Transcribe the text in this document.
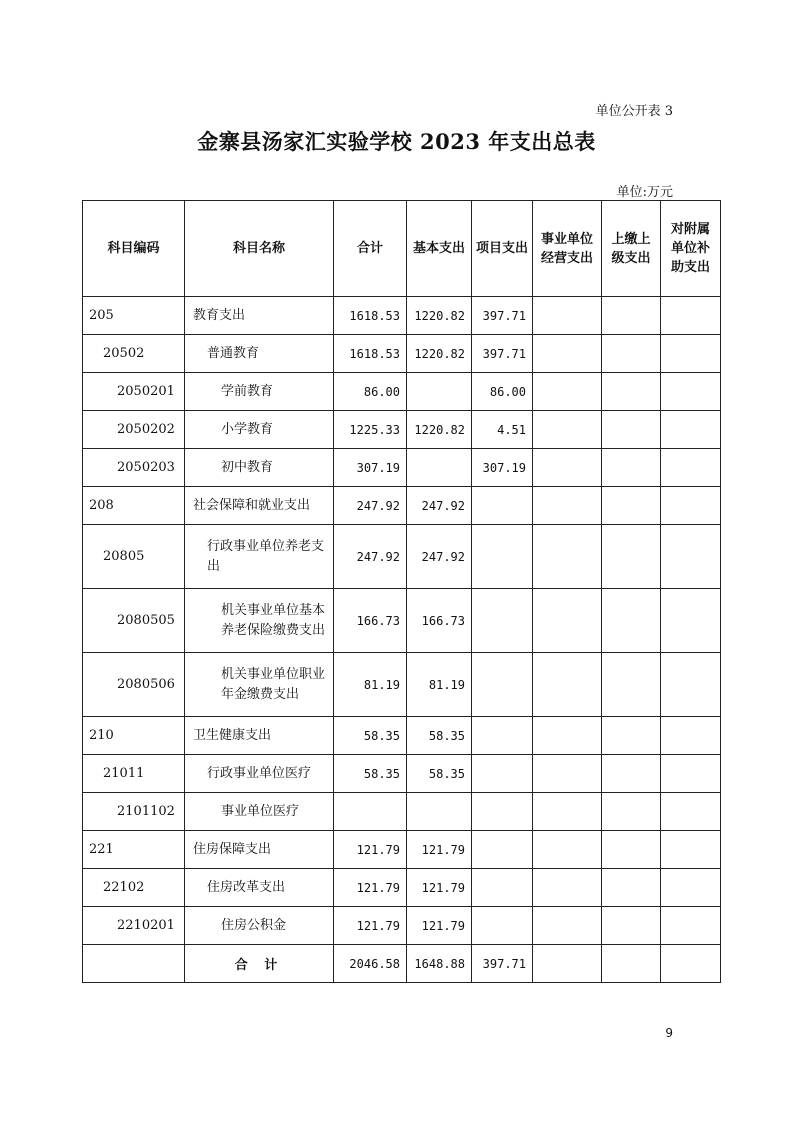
单位公开表 3
金寨县汤家汇实验学校 2023 年支出总表
单位:万元
科目编码	科目名称	合计	基本支出	项目支出	事业单位经营支出	上缴上级支出	对附属单位补助支出
205	教育支出	1618.53	1220.82	397.71			
20502	普通教育	1618.53	1220.82	397.71			
2050201	学前教育	86.00		86.00			
2050202	小学教育	1225.33	1220.82	4.51			
2050203	初中教育	307.19		307.19			
208	社会保障和就业支出	247.92	247.92				
20805	行政事业单位养老支出	247.92	247.92				
2080505	机关事业单位基本养老保险缴费支出	166.73	166.73				
2080506	机关事业单位职业年金缴费支出	81.19	81.19				
210	卫生健康支出	58.35	58.35				
21011	行政事业单位医疗	58.35	58.35				
2101102	事业单位医疗						
221	住房保障支出	121.79	121.79				
22102	住房改革支出	121.79	121.79				
2210201	住房公积金	121.79	121.79				
	合 计	2046.58	1648.88	397.71			
9
